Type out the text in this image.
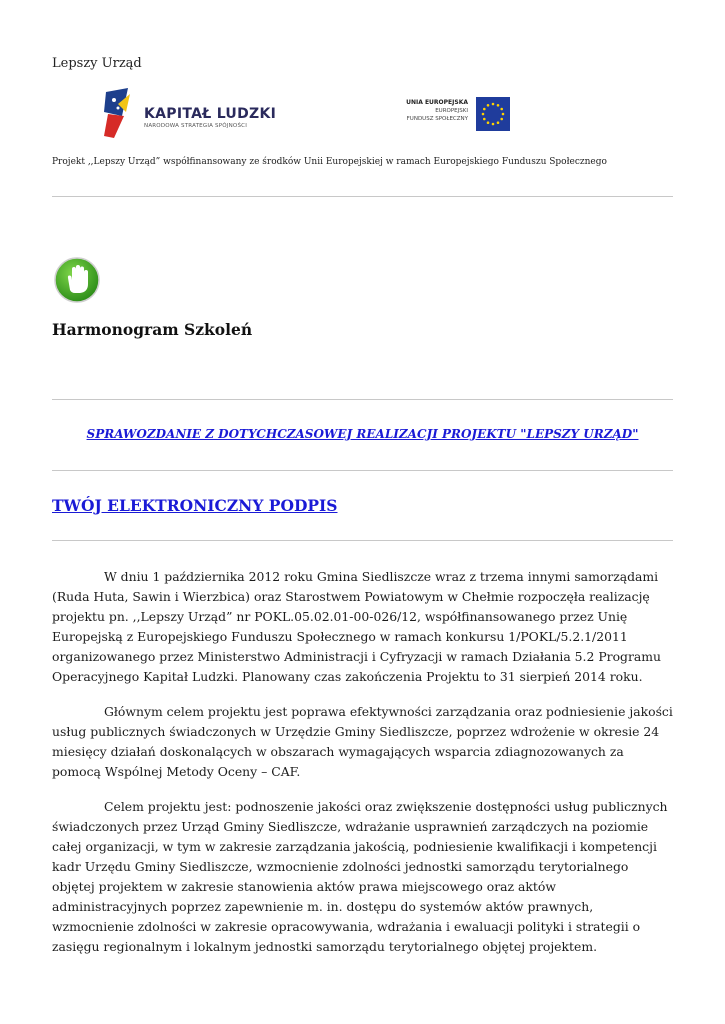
Lepszy Urząd
KAPITAŁ LUDZKI
NARODOWA STRATEGIA SPÓJNOŚCI
UNIA EUROPEJSKA
EUROPEJSKI
FUNDUSZ SPOŁECZNY
Projekt ,,Lepszy Urząd” współfinansowany ze środków Unii Europejskiej w ramach Europejskiego Funduszu Społecznego
Harmonogram Szkoleń
SPRAWOZDANIE Z DOTYCHCZASOWEJ REALIZACJI PROJEKTU "LEPSZY URZĄD"
TWÓJ ELEKTRONICZNY PODPIS

W dniu 1 października 2012 roku Gmina Siedliszcze wraz z trzema innymi samorządami (Ruda Huta, Sawin i Wierzbica) oraz Starostwem Powiatowym w Chełmie rozpoczęła realizację projektu pn. ,,Lepszy Urząd” nr POKL.05.02.01-00-026/12, współfinansowanego przez Unię Europejską z Europejskiego Funduszu Społecznego w ramach konkursu 1/POKL/5.2.1/2011 organizowanego przez Ministerstwo Administracji i Cyfryzacji w ramach Działania 5.2 Programu Operacyjnego Kapitał Ludzki. Planowany czas zakończenia Projektu to 31 sierpień 2014 roku.

Głównym celem projektu jest poprawa efektywności zarządzania oraz podniesienie jakości usług publicznych świadczonych w Urzędzie Gminy Siedliszcze, poprzez wdrożenie w okresie 24 miesięcy działań doskonalących w obszarach wymagających wsparcia zdiagnozowanych za pomocą Wspólnej Metody Oceny – CAF.

Celem projektu jest: podnoszenie jakości oraz zwiększenie dostępności usług publicznych świadczonych przez Urząd Gminy Siedliszcze, wdrażanie usprawnień zarządczych na poziomie całej organizacji, w tym w zakresie zarządzania jakością, podniesienie kwalifikacji i kompetencji kadr Urzędu Gminy Siedliszcze, wzmocnienie zdolności jednostki samorządu terytorialnego objętej projektem w zakresie stanowienia aktów prawa miejscowego oraz aktów administracyjnych poprzez zapewnienie m. in. dostępu do systemów aktów prawnych, wzmocnienie zdolności w zakresie opracowywania, wdrażania i ewaluacji polityki i strategii o zasięgu regionalnym i lokalnym jednostki samorządu terytorialnego objętej projektem.
